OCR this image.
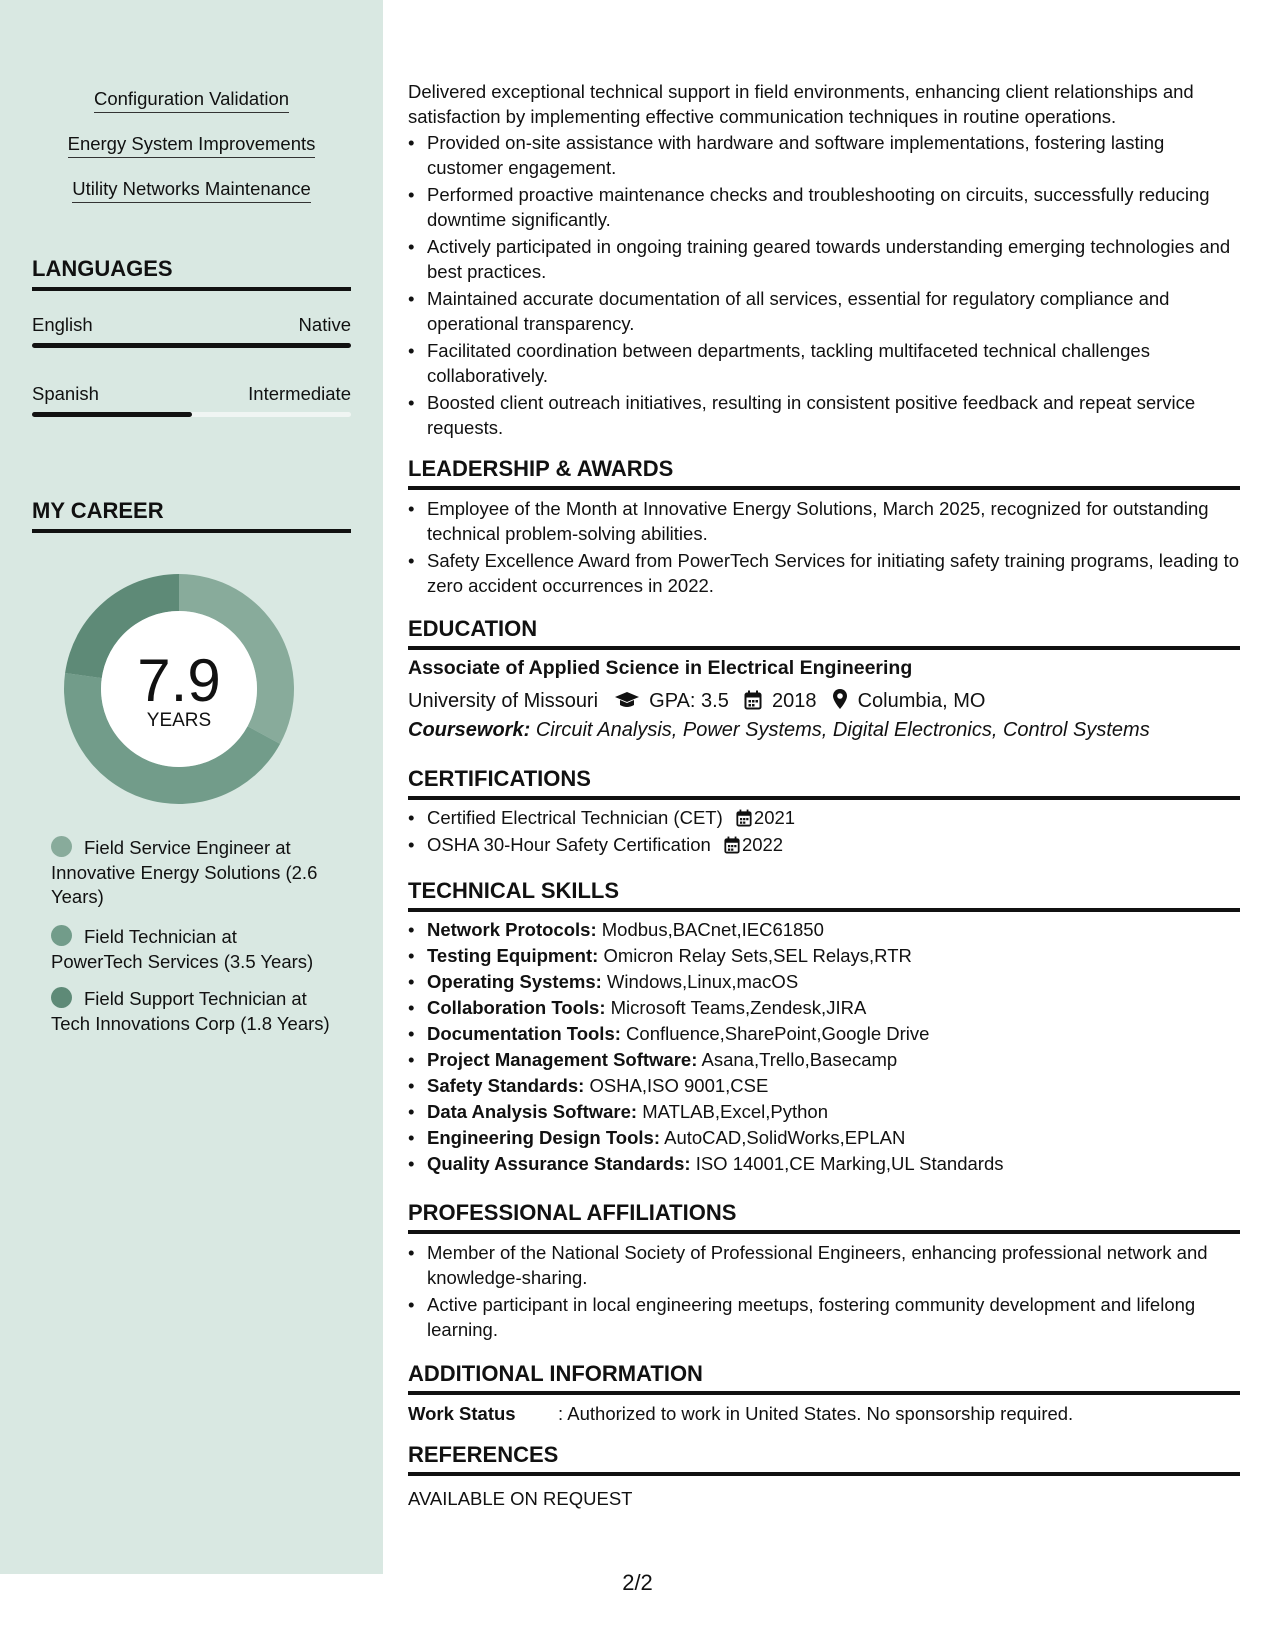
Configuration Validation
Energy System Improvements
Utility Networks Maintenance
LANGUAGES
English	Native
Spanish	Intermediate
MY CAREER
7.9
YEARS
Field Service Engineer at Innovative Energy Solutions (2.6 Years)
Field Technician at PowerTech Services (3.5 Years)
Field Support Technician at Tech Innovations Corp (1.8 Years)

Delivered exceptional technical support in field environments, enhancing client relationships and satisfaction by implementing effective communication techniques in routine operations.

• Provided on-site assistance with hardware and software implementations, fostering lasting customer engagement.
• Performed proactive maintenance checks and troubleshooting on circuits, successfully reducing downtime significantly.
• Actively participated in ongoing training geared towards understanding emerging technologies and best practices.
• Maintained accurate documentation of all services, essential for regulatory compliance and operational transparency.
• Facilitated coordination between departments, tackling multifaceted technical challenges collaboratively.
• Boosted client outreach initiatives, resulting in consistent positive feedback and repeat service requests.
LEADERSHIP & AWARDS
• Employee of the Month at Innovative Energy Solutions, March 2025, recognized for outstanding technical problem-solving abilities.
• Safety Excellence Award from PowerTech Services for initiating safety training programs, leading to zero accident occurrences in 2022.
EDUCATION
Associate of Applied Science in Electrical Engineering
University of Missouri	GPA: 3.5 2018 Columbia, MO
Coursework: Circuit Analysis, Power Systems, Digital Electronics, Control Systems
CERTIFICATIONS
• Certified Electrical Technician (CET) 2021
• OSHA 30-Hour Safety Certification 2022
TECHNICAL SKILLS
• Network Protocols: Modbus,BACnet,IEC61850
• Testing Equipment: Omicron Relay Sets,SEL Relays,RTR
• Operating Systems: Windows,Linux,macOS
• Collaboration Tools: Microsoft Teams,Zendesk,JIRA
• Documentation Tools: Confluence,SharePoint,Google Drive
• Project Management Software: Asana,Trello,Basecamp
• Safety Standards: OSHA,ISO 9001,CSE
• Data Analysis Software: MATLAB,Excel,Python
• Engineering Design Tools: AutoCAD,SolidWorks,EPLAN
• Quality Assurance Standards: ISO 14001,CE Marking,UL Standards
PROFESSIONAL AFFILIATIONS
• Member of the National Society of Professional Engineers, enhancing professional network and knowledge-sharing.
• Active participant in local engineering meetups, fostering community development and lifelong learning.
ADDITIONAL INFORMATION
Work Status : Authorized to work in United States. No sponsorship required.
REFERENCES
AVAILABLE ON REQUEST
2/2
